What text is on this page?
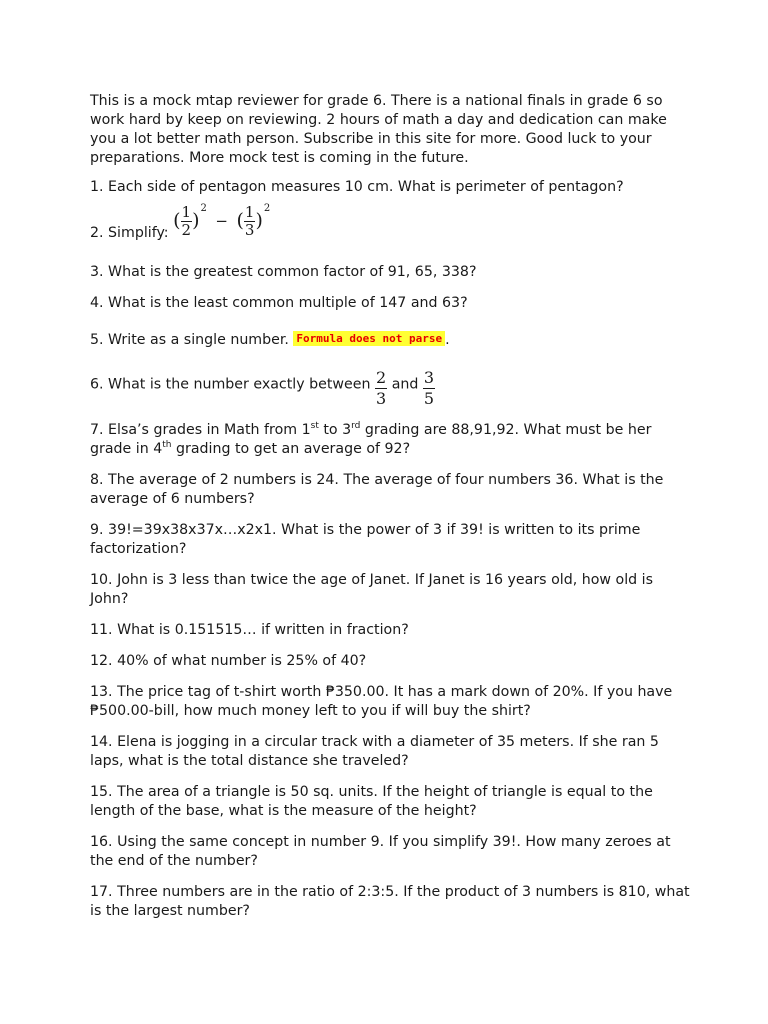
This is a mock mtap reviewer for grade 6. There is a national finals in grade 6 so work hard by keep on reviewing. 2 hours of math a day and dedication can make you a lot better math person. Subscribe in this site for more. Good luck to your preparations. More mock test is coming in the future.

1. Each side of pentagon measures 10 cm. What is perimeter of pentagon?

2. Simplify: ( $\frac{1}{2} )^2$ − ( $\frac{1}{3} )^2$

3. What is the greatest common factor of 91, 65, 338?

4. What is the least common multiple of 147 and 63?

5. Write as a single number. Formula does not parse .

6. What is the number exactly between $\frac{2}{3}$ and $\frac{3}{5}$

7. Elsa’s grades in Math from 1st to 3rd grading are 88,91,92. What must be her grade in 4th grading to get an average of 92?

8. The average of 2 numbers is 24. The average of four numbers 36. What is the average of 6 numbers?

9. 39!=39x38x37x…x2x1. What is the power of 3 if 39! is written to its prime factorization?

10. John is 3 less than twice the age of Janet. If Janet is 16 years old, how old is John?

11. What is 0.151515… if written in fraction?

12. 40% of what number is 25% of 40?

13. The price tag of t-shirt worth ₱350.00. It has a mark down of 20%. If you have ₱500.00-bill, how much money left to you if will buy the shirt?

14. Elena is jogging in a circular track with a diameter of 35 meters. If she ran 5 laps, what is the total distance she traveled?

15. The area of a triangle is 50 sq. units. If the height of triangle is equal to the length of the base, what is the measure of the height?

16. Using the same concept in number 9. If you simplify 39!. How many zeroes at the end of the number?

17. Three numbers are in the ratio of 2:3:5. If the product of 3 numbers is 810, what is the largest number?
